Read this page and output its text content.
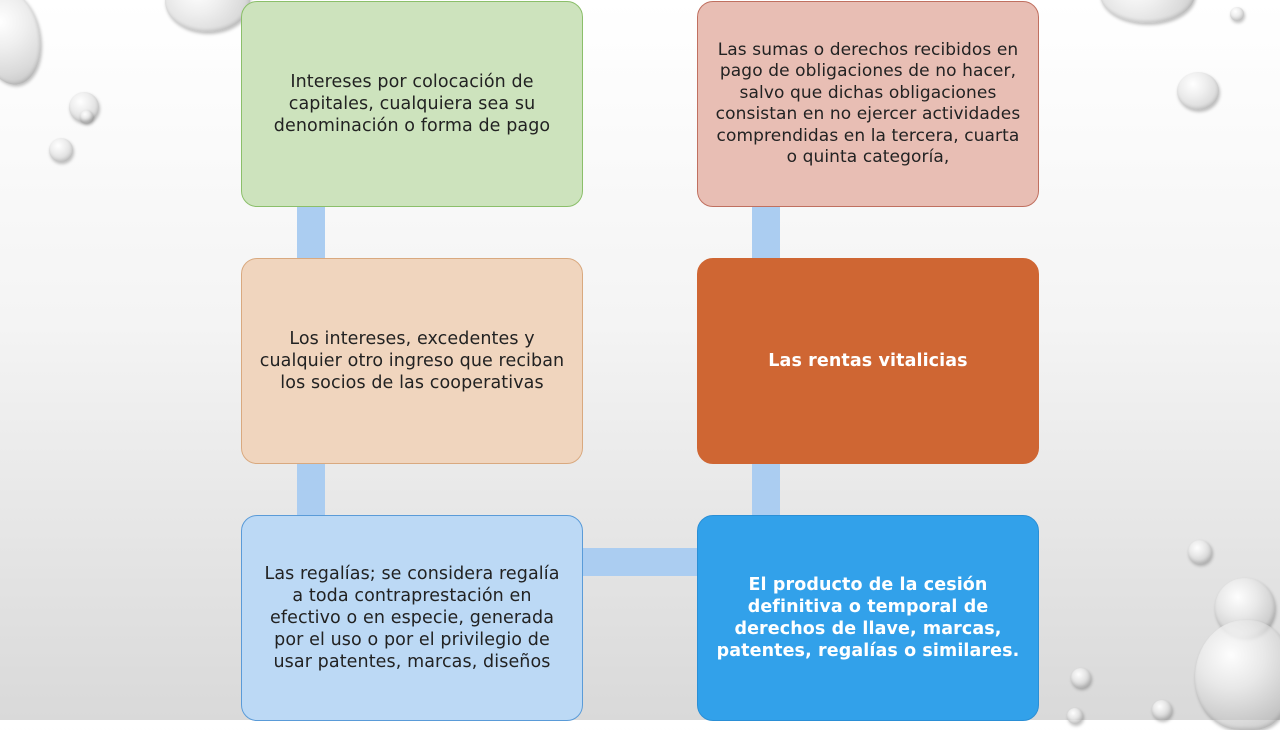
Intereses por colocación de capitales, cualquiera sea su denominación o forma de pago
Los intereses, excedentes y cualquier otro ingreso que reciban los socios de las cooperativas
Las regalías; se considera regalía a toda contraprestación en efectivo o en especie, generada por el uso o por el privilegio de usar patentes, marcas, diseños
El producto de la cesión definitiva o temporal de derechos de llave, marcas, patentes, regalías o similares.
Las rentas vitalicias
Las sumas o derechos recibidos en pago de obligaciones de no hacer, salvo que dichas obligaciones consistan en no ejercer actividades comprendidas en la tercera, cuarta o quinta categoría,
